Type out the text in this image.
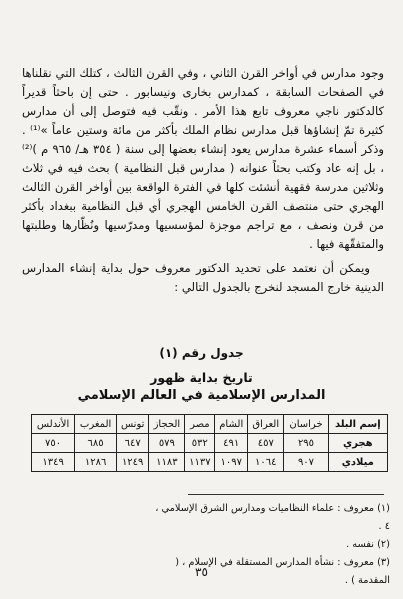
وجود مدارس في أواخر القرن الثاني ، وفي القرن الثالث ، كتلك التي نقلناها في الصفحات السابقة ، كمدارس بخارى ونيسابور . حتى إن باحثاً قديراً كالدكتور ناجي معروف تابع هذا الأمر . ونقّب فيه فتوصل إلى أن مدارس كثيرة تمّ إنشاؤها قبل مدارس نظام الملك بأكثر من مائة وستين عاماً »⁽¹⁾ . وذكر أسماء عشرة مدارس يعود إنشاء بعضها إلى سنة ( ٣٥٤ هـ/ ٩٦٥ م )⁽²⁾ ، بل إنه عاد وكتب بحثاً عنوانه ( مدارس قبل النظامية ) بحث فيه في ثلاث وثلاثين مدرسة فقهية أنشئت كلها في الفترة الواقعة بين أواخر القرن الثالث الهجري حتى منتصف القرن الخامس الهجري أي قبل النظامية ببغداد بأكثر من قرن ونصف ، مع تراجم موجزة لمؤسسيها ومدرّسيها ونُظّارها وطلبتها والمتفقّهة فيها .

ويمكن أن نعتمد على تحديد الدكتور معروف حول بداية إنشاء المدارس الدينية خارج المسجد لنخرج بالجدول التالي :

جدول رقم (١)
تاريخ بداية ظهور
المدارس الإسلامية في العالم الإسلامي
إسم البلد	خراسان	العراق	الشام	مصر	الحجاز	تونس	المغرب	الأندلس
هجري	٢٩٥	٤٥٧	٤٩١	٥٣٢	٥٧٩	٦٤٧	٦٨٥	٧٥٠
ميلادي	٩٠٧	١٠٦٤	١٠٩٧	١١٣٧	١١٨٣	١٢٤٩	١٢٨٦	١٣٤٩

(١) معروف : علماء النظاميات ومدارس الشرق الإسلامي ، ٤ .

(٢) نفسه .

(٣) معروف : نشأة المدارس المستقلة في الإسلام ، ( المقدمة ) .

٣٥
